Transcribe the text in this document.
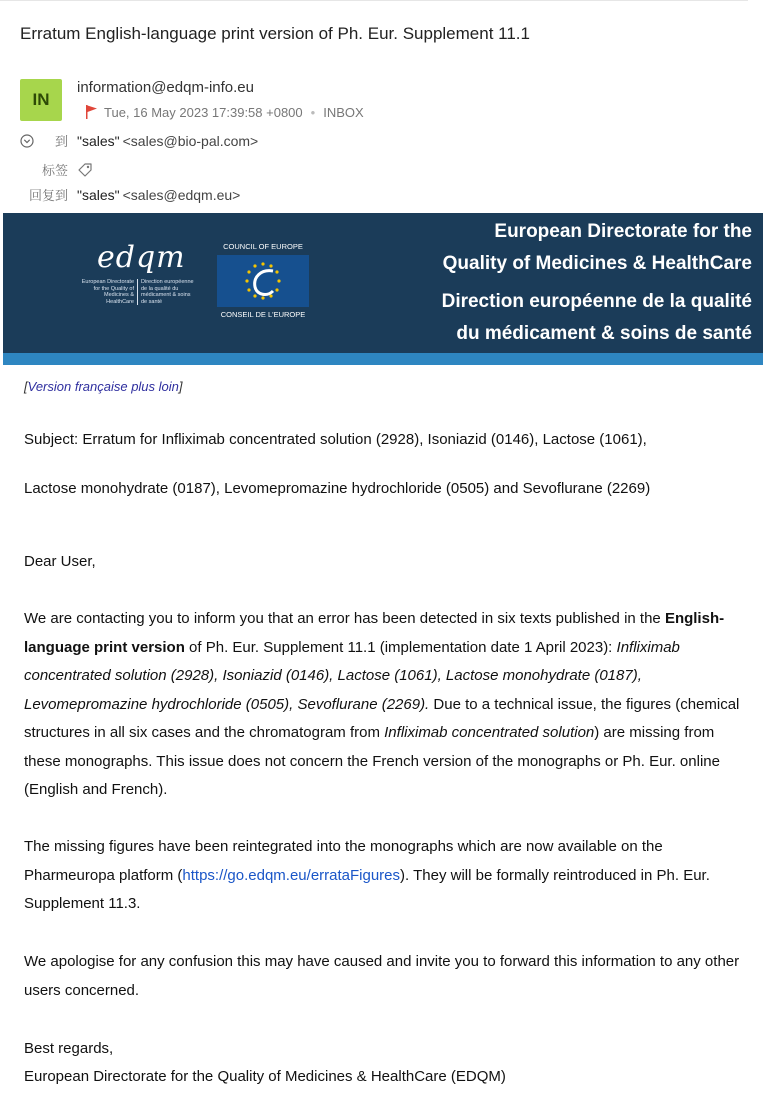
Erratum English-language print version of Ph. Eur. Supplement 11.1
IN
information@edqm-info.eu
Tue, 16 May 2023 17:39:58 +0800 • INBOX
到 "sales" <sales@bio-pal.com>
标签
回复到 "sales" <sales@edqm.eu>
edqm
European Directorate for the Quality of Medicines & HealthCare
Direction européenne de la qualité du médicament & soins de santé
COUNCIL OF EUROPE
CONSEIL DE L'EUROPE
European Directorate for the
Quality of Medicines & HealthCare
Direction européenne de la qualité
du médicament & soins de santé
[Version française plus loin]
Subject: Erratum for Infliximab concentrated solution (2928), Isoniazid (0146), Lactose (1061),
Lactose monohydrate (0187), Levomepromazine hydrochloride (0505) and Sevoflurane (2269)
Dear User,
We are contacting you to inform you that an error has been detected in six texts published in the English-language print version of Ph. Eur. Supplement 11.1 (implementation date 1 April 2023): Infliximab concentrated solution (2928), Isoniazid (0146), Lactose (1061), Lactose monohydrate (0187), Levomepromazine hydrochloride (0505), Sevoflurane (2269). Due to a technical issue, the figures (chemical structures in all six cases and the chromatogram from Infliximab concentrated solution) are missing from these monographs. This issue does not concern the French version of the monographs or Ph. Eur. online (English and French).
The missing figures have been reintegrated into the monographs which are now available on the Pharmeuropa platform (https://go.edqm.eu/errataFigures). They will be formally reintroduced in Ph. Eur. Supplement 11.3.
We apologise for any confusion this may have caused and invite you to forward this information to any other users concerned.
Best regards,
European Directorate for the Quality of Medicines & HealthCare (EDQM)
